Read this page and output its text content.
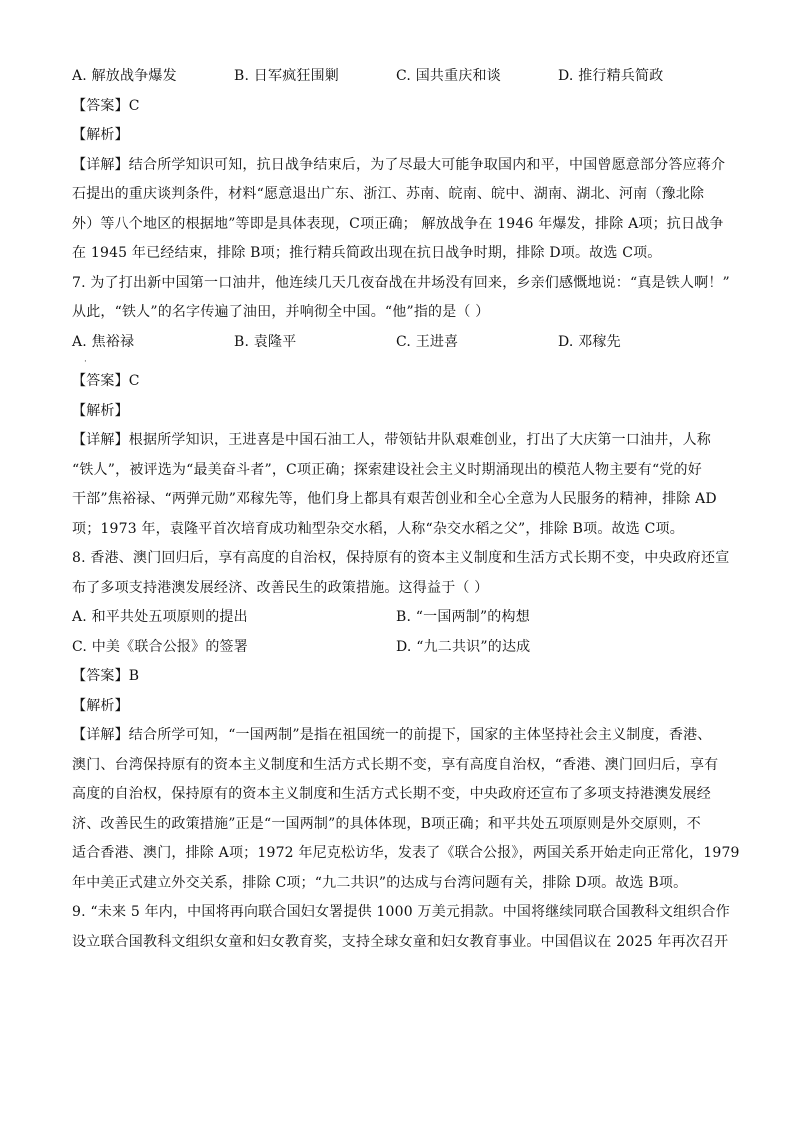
A. 解放战争爆发	B. 日军疯狂围剿	C. 国共重庆和谈	D. 推行精兵简政
【答案】C
【解析】
【详解】结合所学知识可知，抗日战争结束后，为了尽最大可能争取国内和平，中国曾愿意部分答应蒋介
石提出的重庆谈判条件，材料“愿意退出广东、浙江、苏南、皖南、皖中、湖南、湖北、河南（豫北除
外）等八个地区的根据地”等即是具体表现，C项正确； 解放战争在 1946 年爆发，排除 A项；抗日战争
在 1945 年已经结束，排除 B项；推行精兵简政出现在抗日战争时期，排除 D项。故选 C项。
7. 为了打出新中国第一口油井，他连续几天几夜奋战在井场没有回来，乡亲们感慨地说：“真是铁人啊！”
从此，“铁人”的名字传遍了油田，并响彻全中国。“他”指的是（ ）
A. 焦裕禄	B. 袁隆平	C. 王进喜	D. 邓稼先
·
【答案】C
【解析】
【详解】根据所学知识，王进喜是中国石油工人，带领钻井队艰难创业，打出了大庆第一口油井，人称
“铁人”，被评选为“最美奋斗者”，C项正确；探索建设社会主义时期涌现出的模范人物主要有“党的好
干部”焦裕禄、“两弹元勋”邓稼先等，他们身上都具有艰苦创业和全心全意为人民服务的精神，排除 AD
项；1973 年，袁隆平首次培育成功籼型杂交水稻，人称“杂交水稻之父”，排除 B项。故选 C项。
8. 香港、澳门回归后，享有高度的自治权，保持原有的资本主义制度和生活方式长期不变，中央政府还宣
布了多项支持港澳发展经济、改善民生的政策措施。这得益于（ ）
A. 和平共处五项原则的提出	B. “一国两制”的构想
C. 中美《联合公报》的签署	D. “九二共识”的达成
【答案】B
【解析】
【详解】结合所学可知，“一国两制”是指在祖国统一的前提下，国家的主体坚持社会主义制度，香港、
澳门、台湾保持原有的资本主义制度和生活方式长期不变，享有高度自治权，“香港、澳门回归后，享有
高度的自治权，保持原有的资本主义制度和生活方式长期不变，中央政府还宣布了多项支持港澳发展经
济、改善民生的政策措施”正是“一国两制”的具体体现，B项正确；和平共处五项原则是外交原则，不
适合香港、澳门，排除 A项；1972 年尼克松访华，发表了《联合公报》，两国关系开始走向正常化，1979
年中美正式建立外交关系，排除 C项；“九二共识”的达成与台湾问题有关，排除 D项。故选 B项。
9. “未来 5 年内，中国将再向联合国妇女署提供 1000 万美元捐款。中国将继续同联合国教科文组织合作
设立联合国教科文组织女童和妇女教育奖，支持全球女童和妇女教育事业。中国倡议在 2025 年再次召开
